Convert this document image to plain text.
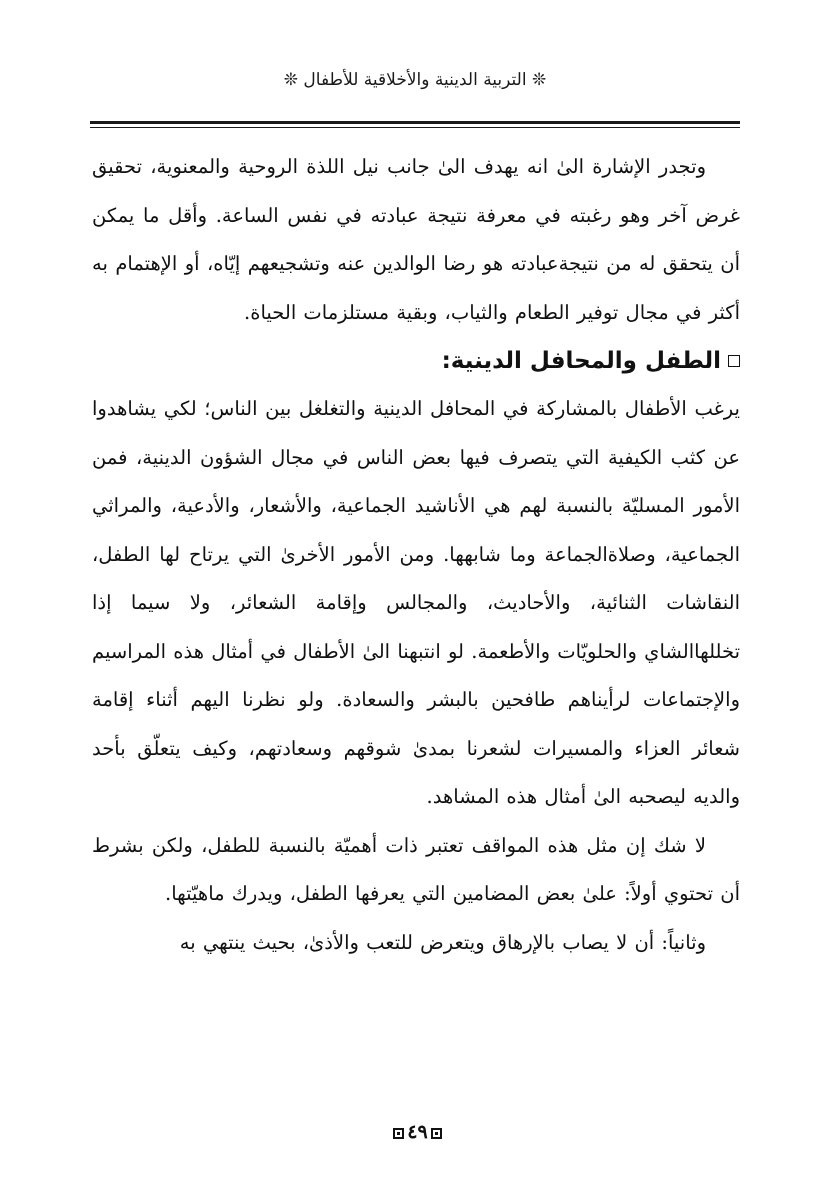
❊ التربية الدينية والأخلاقية للأطفال ❊

وتجدر الإشارة الىٰ انه يهدف الىٰ جانب نيل اللذة الروحية والمعنوية، تحقيق غرض آخر وهو رغبته في معرفة نتيجة عبادته في نفس الساعة. وأقل ما يمكن أن يتحقق له من نتيجةعبادته هو رضا الوالدين عنه وتشجيعهم إيّاه، أو الإهتمام به أكثر في مجال توفير الطعام والثياب، وبقية مستلزمات الحياة.

الطفل والمحافل الدينية:

يرغب الأطفال بالمشاركة في المحافل الدينية والتغلغل بين الناس؛ لكي يشاهدوا عن كثب الكيفية التي يتصرف فيها بعض الناس في مجال الشؤون الدينية، فمن الأمور المسليّة بالنسبة لهم هي الأناشيد الجماعية، والأشعار، والأدعية، والمراثي الجماعية، وصلاةالجماعة وما شابهها. ومن الأمور الأخرىٰ التي يرتاح لها الطفل، النقاشات الثنائية، والأحاديث، والمجالس وإقامة الشعائر، ولا سيما إذا تخللهاالشاي والحلويّات والأطعمة. لو انتبهنا الىٰ الأطفال في أمثال هذه المراسيم والإجتماعات لرأيناهم طافحين بالبشر والسعادة. ولو نظرنا اليهم أثناء إقامة شعائر العزاء والمسيرات لشعرنا بمدىٰ شوقهم وسعادتهم، وكيف يتعلّق بأحد والديه ليصحبه الىٰ أمثال هذه المشاهد.

لا شك إن مثل هذه المواقف تعتبر ذات أهميّة بالنسبة للطفل، ولكن بشرط أن تحتوي أولاً: علىٰ بعض المضامين التي يعرفها الطفل، ويدرك ماهيّتها.

وثانياً: أن لا يصاب بالإرهاق ويتعرض للتعب والأذىٰ، بحيث ينتهي به

٤٩
